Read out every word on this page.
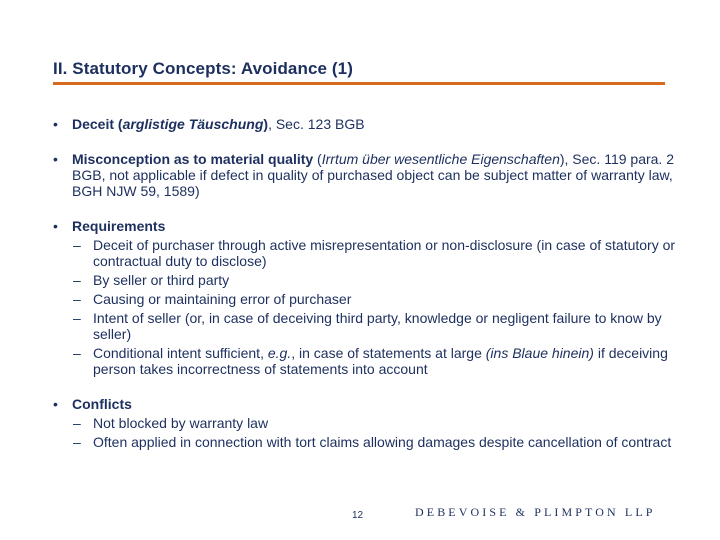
II. Statutory Concepts: Avoidance (1)

•	Deceit (arglistige Täuschung), Sec. 123 BGB

•	Misconception as to material quality (Irrtum über wesentliche Eigenschaften), Sec. 119 para. 2 BGB, not applicable if defect in quality of purchased object can be subject matter of warranty law, BGH NJW 59, 1589)

•	Requirements

– Deceit of purchaser through active misrepresentation or non-disclosure (in case of statutory or contractual duty to disclose)

– By seller or third party

– Causing or maintaining error of purchaser

– Intent of seller (or, in case of deceiving third party, knowledge or negligent failure to know by seller)

– Conditional intent sufficient, e.g., in case of statements at large (ins Blaue hinein) if deceiving person takes incorrectness of statements into account

•	Conflicts

– Not blocked by warranty law

– Often applied in connection with tort claims allowing damages despite cancellation of contract

12	DEBEVOISE & PLIMPTON LLP
